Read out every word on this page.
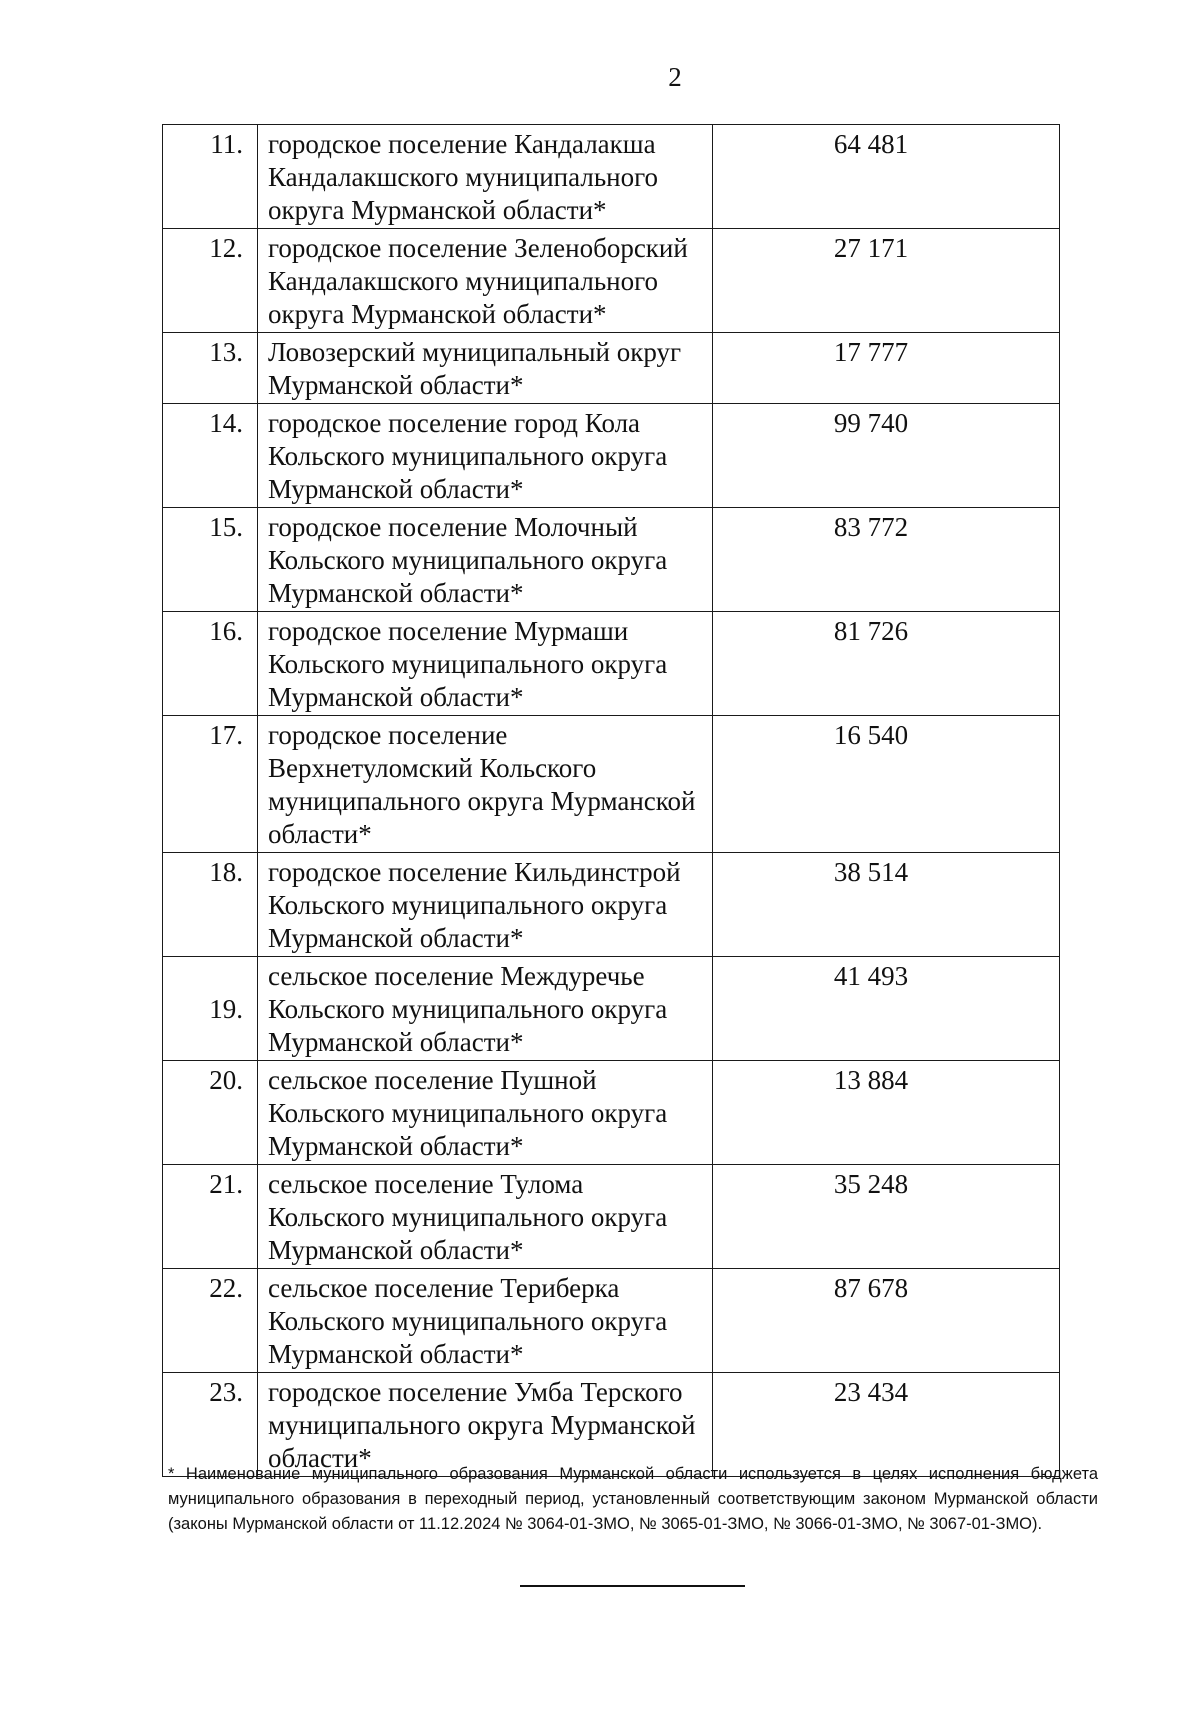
2
11.	городское поселение Кандалакша Кандалакшского муниципального округа Мурманской области*	64 481
12.	городское поселение Зеленоборский Кандалакшского муниципального округа Мурманской области*	27 171
13.	Ловозерский муниципальный округ Мурманской области*	17 777
14.	городское поселение город Кола Кольского муниципального округа Мурманской области*	99 740
15.	городское поселение Молочный Кольского муниципального округа Мурманской области*	83 772
16.	городское поселение Мурмаши Кольского муниципального округа Мурманской области*	81 726
17.	городское поселение Верхнетуломский Кольского муниципального округа Мурманской области*	16 540
18.	городское поселение Кильдинстрой Кольского муниципального округа Мурманской области*	38 514
19.	сельское поселение Междуречье Кольского муниципального округа Мурманской области*	41 493
20.	сельское поселение Пушной Кольского муниципального округа Мурманской области*	13 884
21.	сельское поселение Тулома Кольского муниципального округа Мурманской области*	35 248
22.	сельское поселение Териберка Кольского муниципального округа Мурманской области*	87 678
23.	городское поселение Умба Терского муниципального округа Мурманской области*	23 434
* Наименование муниципального образования Мурманской области используется в целях исполнения бюджета муниципального образования в переходный период, установленный соответствующим законом Мурманской области (законы Мурманской области от 11.12.2024 № 3064-01-ЗМО, № 3065-01-ЗМО, № 3066-01-ЗМО, № 3067-01-ЗМО).
